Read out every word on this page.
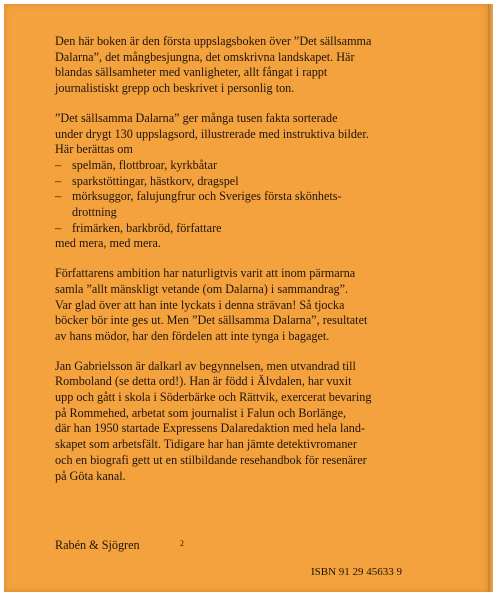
Den här boken är den första uppslagsboken över ”Det sällsamma
Dalarna”, det mångbesjungna, det omskrivna landskapet. Här
blandas sällsamheter med vanligheter, allt fångat i rappt
journalistiskt grepp och beskrivet i personlig ton.

”Det sällsamma Dalarna” ger många tusen fakta sorterade
under drygt 130 uppslagsord, illustrerade med instruktiva bilder.
Här berättas om
– spelmän, flottbroar, kyrkbåtar
– sparkstöttingar, hästkorv, dragspel
– mörksuggor, falujungfrur och Sveriges första skönhets-
drottning
– frimärken, barkbröd, författare
med mera, med mera.

Författarens ambition har naturligtvis varit att inom pärmarna
samla ”allt mänskligt vetande (om Dalarna) i sammandrag”.
Var glad över att han inte lyckats i denna strävan! Så tjocka
böcker bör inte ges ut. Men ”Det sällsamma Dalarna”, resultatet
av hans mödor, har den fördelen att inte tynga i bagaget.

Jan Gabrielsson är dalkarl av begynnelsen, men utvandrad till
Romboland (se detta ord!). Han är född i Älvdalen, har vuxit
upp och gått i skola i Söderbärke och Rättvik, exercerat bevaring
på Rommehed, arbetat som journalist i Falun och Borlänge,
där han 1950 startade Expressens Dalaredaktion med hela land-
skapet som arbetsfält. Tidigare har han jämte detektivromaner
och en biografi gett ut en stilbildande resehandbok för resenärer
på Göta kanal.

Rabén & Sjögren	2
ISBN 91 29 45633 9
